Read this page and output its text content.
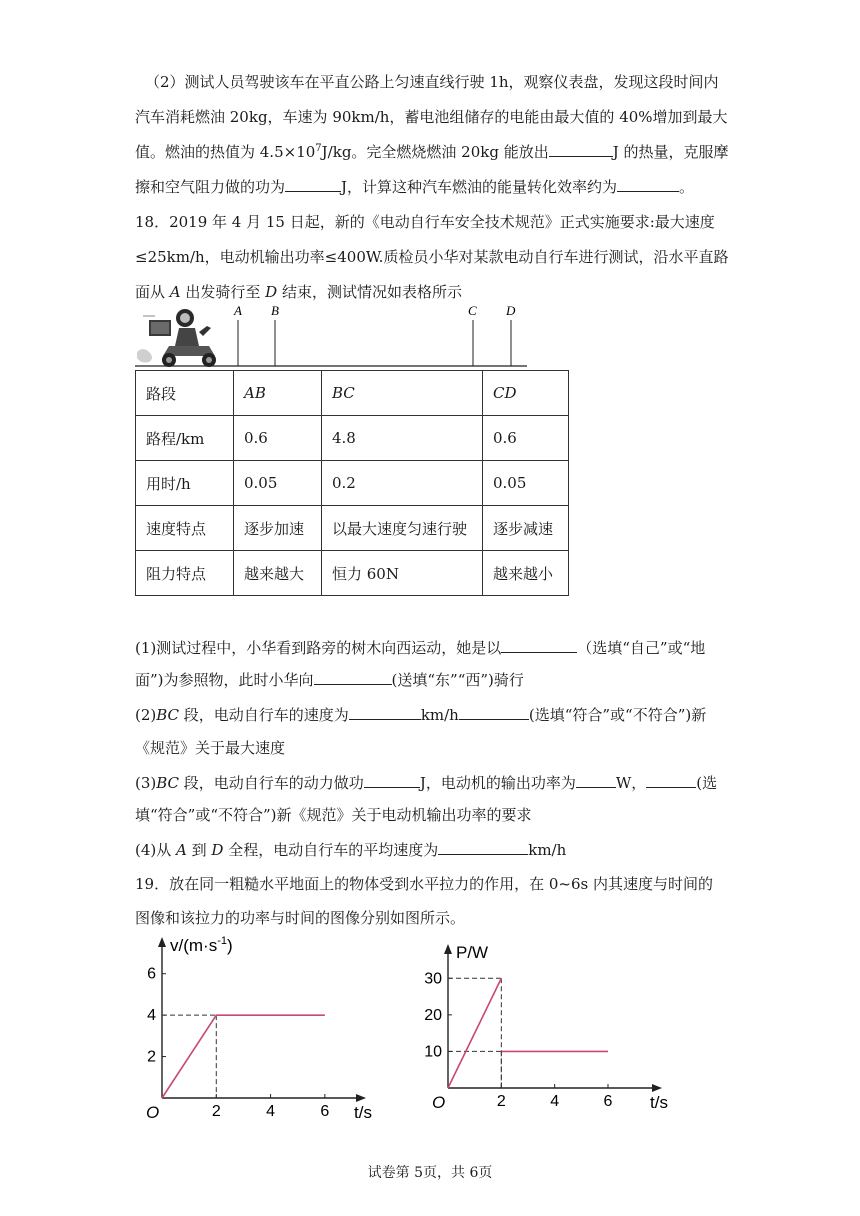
（2）测试人员驾驶该车在平直公路上匀速直线行驶 1h，观察仪表盘，发现这段时间内
汽车消耗燃油 20kg，车速为 90km/h，蓄电池组储存的电能由最大值的 40%增加到最大
值。燃油的热值为 $4.5\times 10^7J/kg$。完全燃烧燃油 20kg 能放出	J 的热量，克服摩
擦和空气阻力做的功为	J，计算这种汽车燃油的能量转化效率约为	。
18．2019 年 4 月 15 日起，新的《电动自行车安全技术规范》正式实施要求:最大速度
≤25km/h，电动机输出功率≤400W.质检员小华对某款电动自行车进行测试，沿水平直路
面从 A 出发骑行至 D 结束，测试情况如表格所示
A B	C D
路段	AB	BC	CD
路程/km	0.6	4.8	0.6
用时/h	0.05	0.2	0.05
速度特点	逐步加速	以最大速度匀速行驶	逐步减速
阻力特点	越来越大	恒力 60N	越来越小
(1)测试过程中，小华看到路旁的树木向西运动，她是以	（选填“自己”或“地
面”)为参照物，此时小华向	(送填“东”“西”)骑行
(2)BC 段，电动自行车的速度为	km/h	(选填“符合”或“不符合”)新
《规范》关于最大速度
(3)BC 段，电动自行车的动力做功	J，电动机的输出功率为	W，	(选
填“符合”或“不符合”)新《规范》关于电动机输出功率的要求
(4)从 A 到 D 全程，电动自行车的平均速度为	km/h
19．放在同一粗糙水平地面上的物体受到水平拉力的作用，在 0~6s 内其速度与时间的
图像和该拉力的功率与时间的图像分别如图所示。
2	4	6
2
4
6
O	t/s
$v/(m\cdot s^{-1})$
2	4	6
10
20
30
O	t/s
P/W
试卷第 5页，共 6页
